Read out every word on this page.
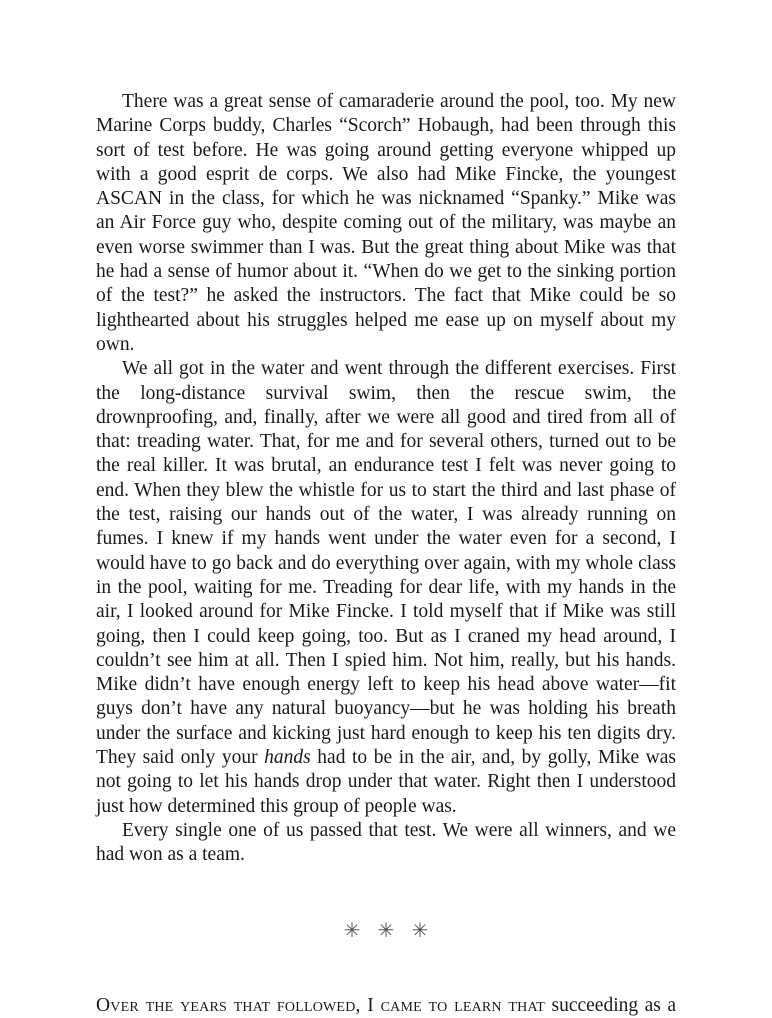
There was a great sense of camaraderie around the pool, too. My new Marine Corps buddy, Charles “Scorch” Hobaugh, had been through this sort of test before. He was going around getting everyone whipped up with a good esprit de corps. We also had Mike Fincke, the youngest ASCAN in the class, for which he was nicknamed “Spanky.” Mike was an Air Force guy who, despite coming out of the military, was maybe an even worse swimmer than I was. But the great thing about Mike was that he had a sense of humor about it. “When do we get to the sinking portion of the test?” he asked the instructors. The fact that Mike could be so lighthearted about his struggles helped me ease up on myself about my own.

We all got in the water and went through the different exercises. First the long-distance survival swim, then the rescue swim, the drownproofing, and, finally, after we were all good and tired from all of that: treading water. That, for me and for several others, turned out to be the real killer. It was brutal, an endurance test I felt was never going to end. When they blew the whistle for us to start the third and last phase of the test, raising our hands out of the water, I was already running on fumes. I knew if my hands went under the water even for a second, I would have to go back and do everything over again, with my whole class in the pool, waiting for me. Treading for dear life, with my hands in the air, I looked around for Mike Fincke. I told myself that if Mike was still going, then I could keep going, too. But as I craned my head around, I couldn’t see him at all. Then I spied him. Not him, really, but his hands. Mike didn’t have enough energy left to keep his head above water—fit guys don’t have any natural buoyancy—but he was holding his breath under the surface and kicking just hard enough to keep his ten digits dry. They said only your hands had to be in the air, and, by golly, Mike was not going to let his hands drop under that water. Right then I understood just how determined this group of people was.

Every single one of us passed that test. We were all winners, and we had won as a team.

✳ ✳ ✳

Over the years that followed, I came to learn that succeeding as a
